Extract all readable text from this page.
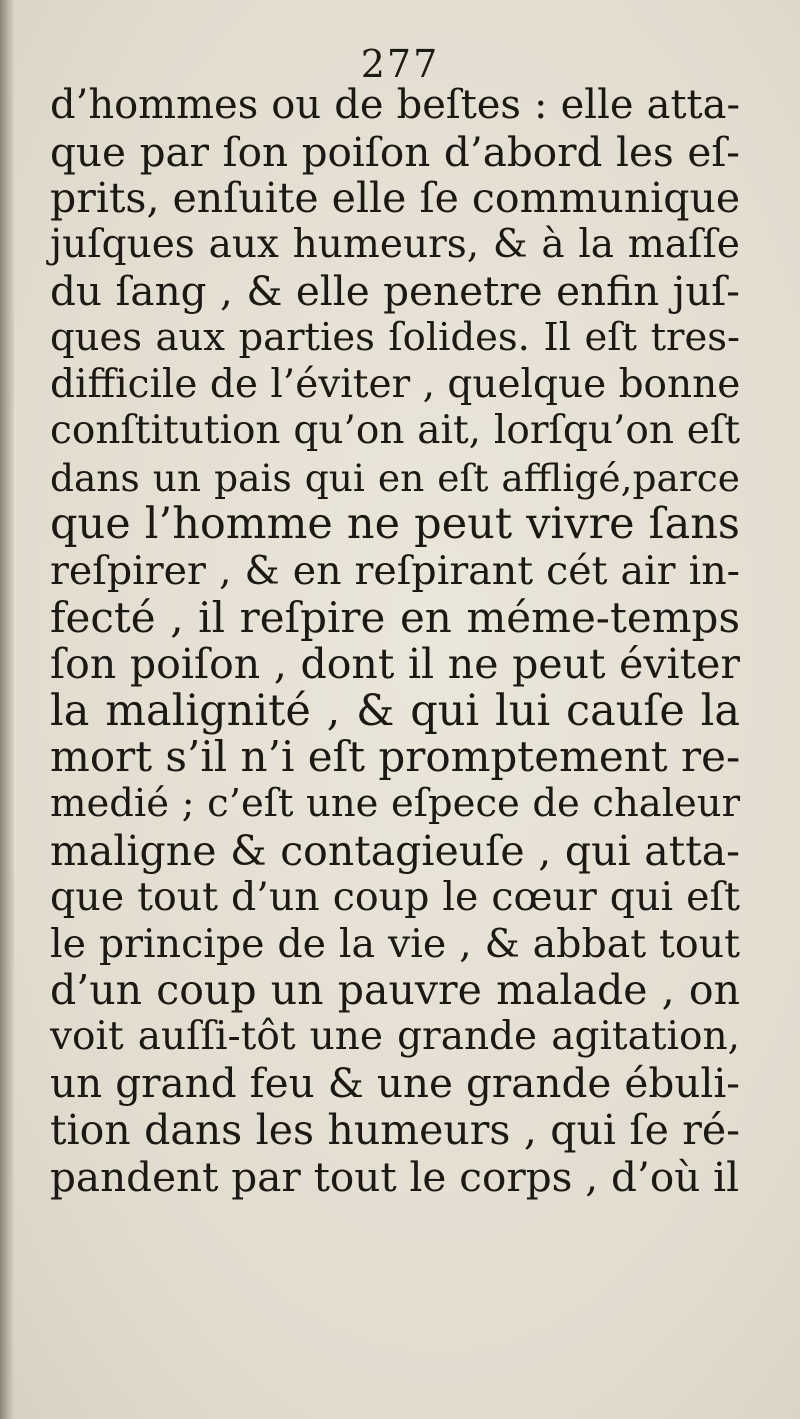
277
d’hommes ou de beſtes : elle atta-
que par ſon poiſon d’abord les eſ-
prits, enſuite elle ſe communique
juſques aux humeurs, & à la maſſe
du ſang , & elle penetre enfin juſ-
ques aux parties ſolides. Il eſt tres-
difficile de l’éviter , quelque bonne
conſtitution qu’on ait, lorſqu’on eſt
dans un pais qui en eſt affligé,parce
que l’homme ne peut vivre ſans
reſpirer , & en reſpirant cét air in-
fecté , il reſpire en méme-temps
ſon poiſon , dont il ne peut éviter
la malignité , & qui lui cauſe la
mort s’il n’i eſt promptement re-
medié ; c’eſt une eſpece de chaleur
maligne & contagieuſe , qui atta-
que tout d’un coup le cœur qui eſt
le principe de la vie , & abbat tout
d’un coup un pauvre malade , on
voit auſſi-tôt une grande agitation,
un grand feu & une grande ébuli-
tion dans les humeurs , qui ſe ré-
pandent par tout le corps , d’où il
